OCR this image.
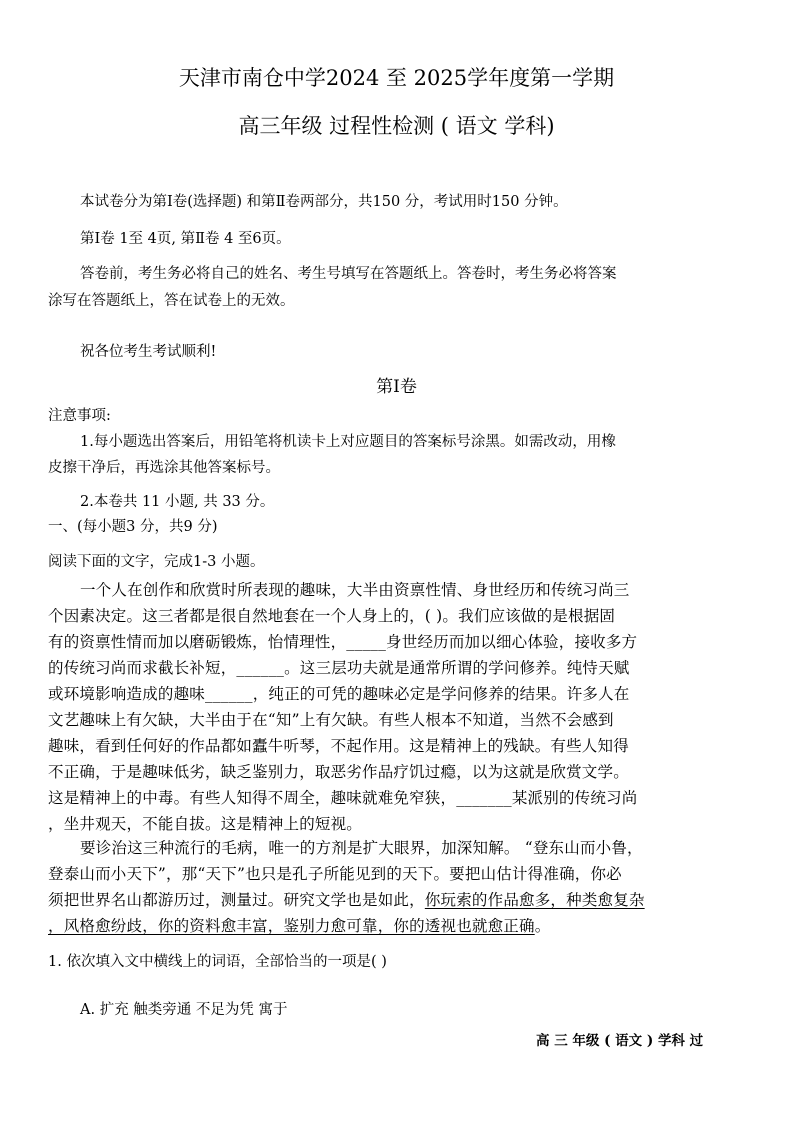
天津市南仓中学2024 至 2025学年度第一学期
高三年级 过程性检测 ( 语文 学科)
本试卷分为第Ⅰ卷(选择题) 和第Ⅱ卷两部分，共150 分，考试用时150 分钟。
第Ⅰ卷 1至 4页, 第Ⅱ卷 4 至6页。
答卷前，考生务必将自己的姓名、考生号填写在答题纸上。答卷时，考生务必将答案
涂写在答题纸上，答在试卷上的无效。
祝各位考生考试顺利!
第Ⅰ卷
注意事项:
1.每小题选出答案后，用铅笔将机读卡上对应题目的答案标号涂黑。如需改动，用橡
皮擦干净后，再选涂其他答案标号。
2.本卷共 11 小题, 共 33 分。
一、(每小题3 分，共9 分)
阅读下面的文字，完成1-3 小题。
一个人在创作和欣赏时所表现的趣味，大半由资禀性情、身世经历和传统习尚三
个因素决定。这三者都是很自然地套在一个人身上的，( )。我们应该做的是根据固
有的资禀性情而加以磨砺锻炼，怡情理性，_____身世经历而加以细心体验，接收多方
的传统习尚而求截长补短，______。这三层功夫就是通常所谓的学问修养。纯恃天赋
或环境影响造成的趣味______，纯正的可凭的趣味必定是学问修养的结果。许多人在
文艺趣味上有欠缺，大半由于在“知”上有欠缺。有些人根本不知道，当然不会感到
趣味，看到任何好的作品都如蠹牛听琴，不起作用。这是精神上的残缺。有些人知得
不正确，于是趣味低劣，缺乏鉴别力，取恶劣作品疗饥过瘾，以为这就是欣赏文学。
这是精神上的中毒。有些人知得不周全，趣味就难免窄狭，_______某派别的传统习尚
，坐井观天，不能自拔。这是精神上的短视。
要诊治这三种流行的毛病，唯一的方剂是扩大眼界，加深知解。 “登东山而小鲁，
登泰山而小天下”，那“天下”也只是孔子所能见到的天下。要把山估计得准确，你必
须把世界名山都游历过，测量过。研究文学也是如此，你玩索的作品愈多，种类愈复杂
，风格愈纷歧，你的资料愈丰富，鉴别力愈可靠，你的透视也就愈正确。
1. 依次填入文中横线上的词语，全部恰当的一项是( )
A. 扩充 触类旁通 不足为凭 寓于
高 三 年级 ( 语文 ) 学科 过
